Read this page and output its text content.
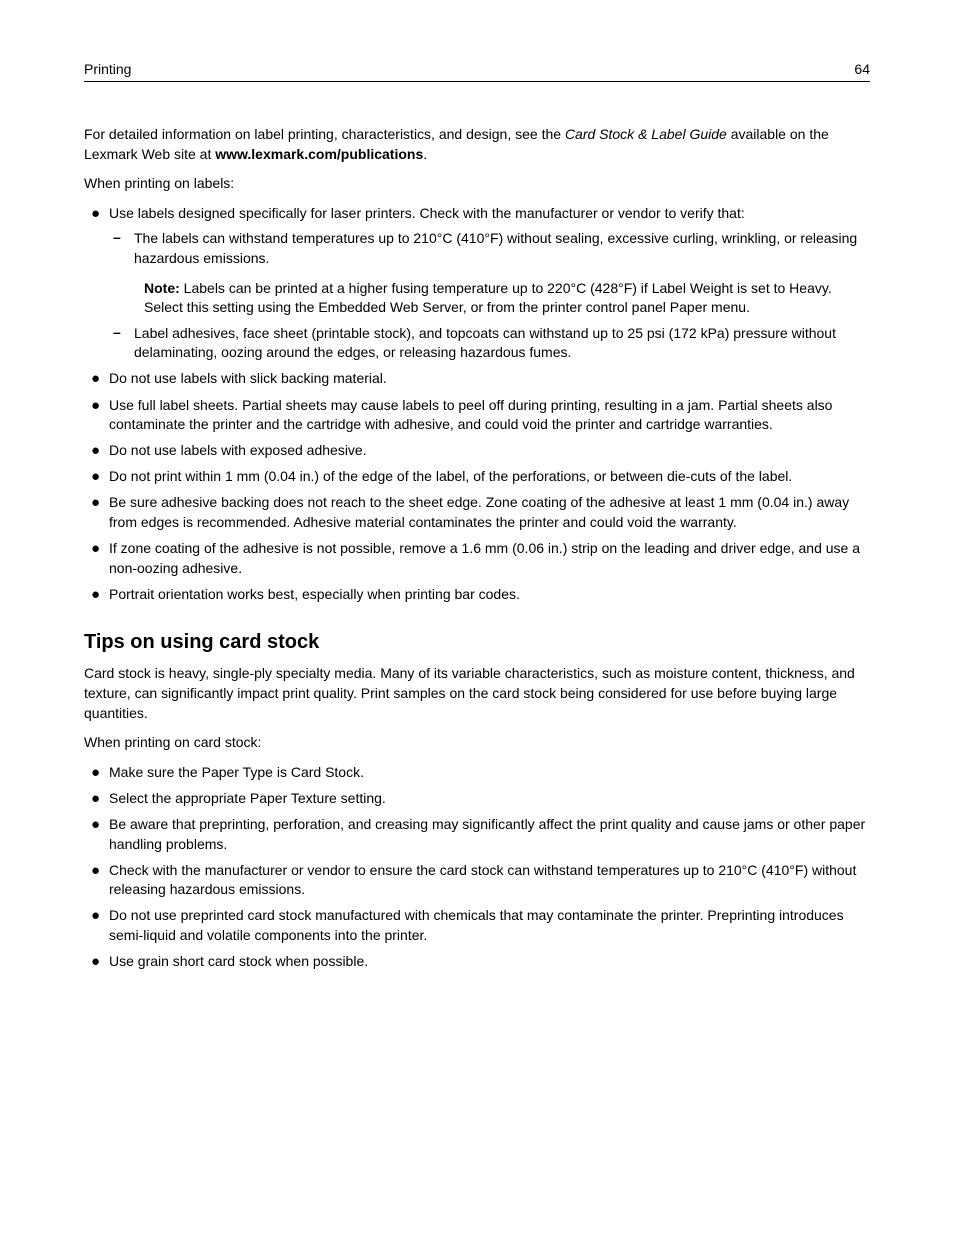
Printing	64

For detailed information on label printing, characteristics, and design, see the Card Stock & Label Guide available on the Lexmark Web site at www.lexmark.com/publications.

When printing on labels:

● Use labels designed specifically for laser printers. Check with the manufacturer or vendor to verify that:
– The labels can withstand temperatures up to 210°C (410°F) without sealing, excessive curling, wrinkling, or releasing hazardous emissions.
Note: Labels can be printed at a higher fusing temperature up to 220°C (428°F) if Label Weight is set to Heavy. Select this setting using the Embedded Web Server, or from the printer control panel Paper menu.
– Label adhesives, face sheet (printable stock), and topcoats can withstand up to 25 psi (172 kPa) pressure without delaminating, oozing around the edges, or releasing hazardous fumes.
● Do not use labels with slick backing material.
● Use full label sheets. Partial sheets may cause labels to peel off during printing, resulting in a jam. Partial sheets also contaminate the printer and the cartridge with adhesive, and could void the printer and cartridge warranties.
● Do not use labels with exposed adhesive.
● Do not print within 1 mm (0.04 in.) of the edge of the label, of the perforations, or between die-cuts of the label.
● Be sure adhesive backing does not reach to the sheet edge. Zone coating of the adhesive at least 1 mm (0.04 in.) away from edges is recommended. Adhesive material contaminates the printer and could void the warranty.
● If zone coating of the adhesive is not possible, remove a 1.6 mm (0.06 in.) strip on the leading and driver edge, and use a non-oozing adhesive.
● Portrait orientation works best, especially when printing bar codes.
Tips on using card stock

Card stock is heavy, single-ply specialty media. Many of its variable characteristics, such as moisture content, thickness, and texture, can significantly impact print quality. Print samples on the card stock being considered for use before buying large quantities.

When printing on card stock:

● Make sure the Paper Type is Card Stock.
● Select the appropriate Paper Texture setting.
● Be aware that preprinting, perforation, and creasing may significantly affect the print quality and cause jams or other paper handling problems.
● Check with the manufacturer or vendor to ensure the card stock can withstand temperatures up to 210°C (410°F) without releasing hazardous emissions.
● Do not use preprinted card stock manufactured with chemicals that may contaminate the printer. Preprinting introduces semi-liquid and volatile components into the printer.
● Use grain short card stock when possible.
